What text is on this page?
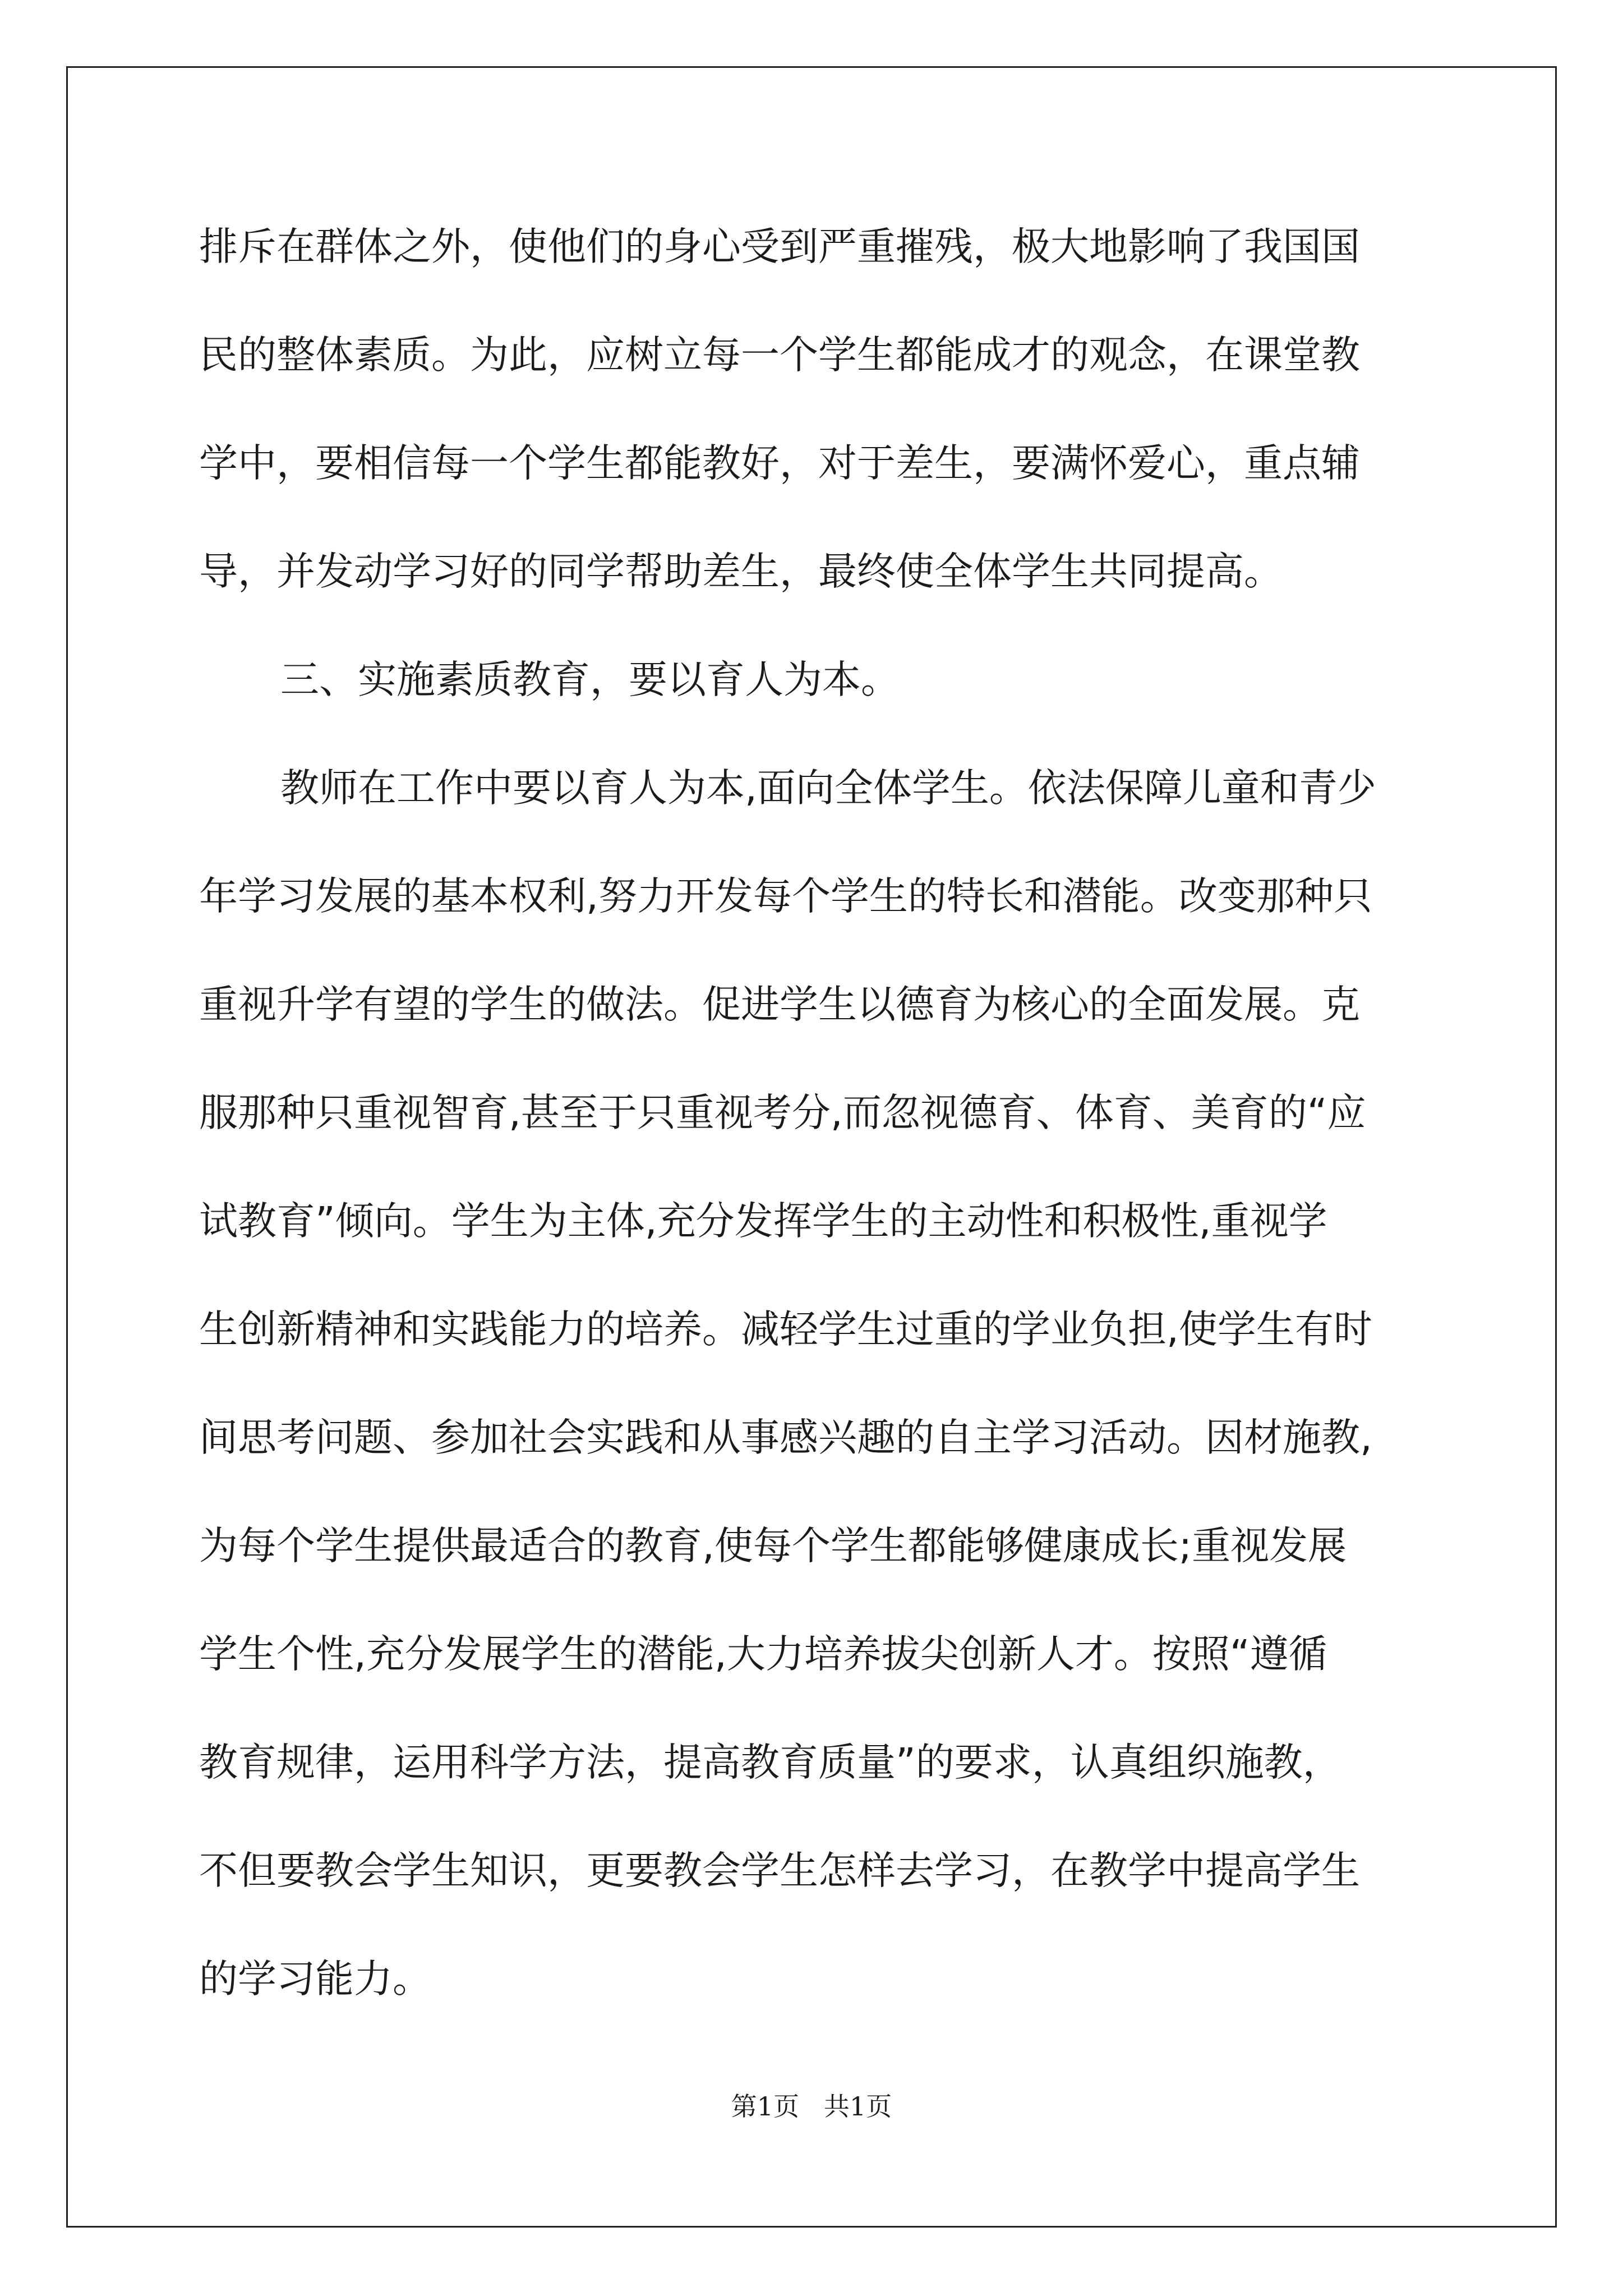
排斥在群体之外，使他们的身心受到严重摧残，极大地影响了我国国
民的整体素质。为此，应树立每一个学生都能成才的观念，在课堂教
学中，要相信每一个学生都能教好，对于差生，要满怀爱心，重点辅
导，并发动学习好的同学帮助差生，最终使全体学生共同提高。
三、实施素质教育，要以育人为本。
教师在工作中要以育人为本,面向全体学生。依法保障儿童和青少
年学习发展的基本权利,努力开发每个学生的特长和潜能。改变那种只
重视升学有望的学生的做法。促进学生以德育为核心的全面发展。克
服那种只重视智育,甚至于只重视考分,而忽视德育、体育、美育的“应
试教育”倾向。学生为主体,充分发挥学生的主动性和积极性,重视学
生创新精神和实践能力的培养。减轻学生过重的学业负担,使学生有时
间思考问题、参加社会实践和从事感兴趣的自主学习活动。因材施教,
为每个学生提供最适合的教育,使每个学生都能够健康成长;重视发展
学生个性,充分发展学生的潜能,大力培养拔尖创新人才。按照“遵循
教育规律，运用科学方法，提高教育质量”的要求，认真组织施教，
不但要教会学生知识，更要教会学生怎样去学习，在教学中提高学生
的学习能力。
第1页   共1页
